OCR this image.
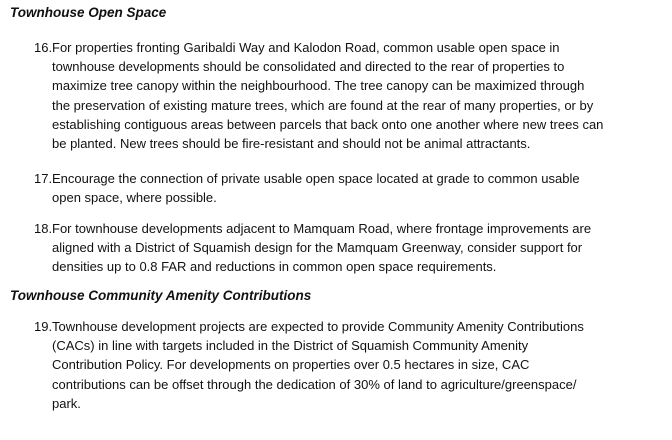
Townhouse Open Space
16. For properties fronting Garibaldi Way and Kalodon Road, common usable open space in
townhouse developments should be consolidated and directed to the rear of properties to
maximize tree canopy within the neighbourhood. The tree canopy can be maximized through
the preservation of existing mature trees, which are found at the rear of many properties, or by
establishing contiguous areas between parcels that back onto one another where new trees can
be planted. New trees should be fire-resistant and should not be animal attractants.
17. Encourage the connection of private usable open space located at grade to common usable
open space, where possible.
18. For townhouse developments adjacent to Mamquam Road, where frontage improvements are
aligned with a District of Squamish design for the Mamquam Greenway, consider support for
densities up to 0.8 FAR and reductions in common open space requirements.
Townhouse Community Amenity Contributions
19. Townhouse development projects are expected to provide Community Amenity Contributions
(CACs) in line with targets included in the District of Squamish Community Amenity
Contribution Policy. For developments on properties over 0.5 hectares in size, CAC
contributions can be offset through the dedication of 30% of land to agriculture/greenspace/
park.
